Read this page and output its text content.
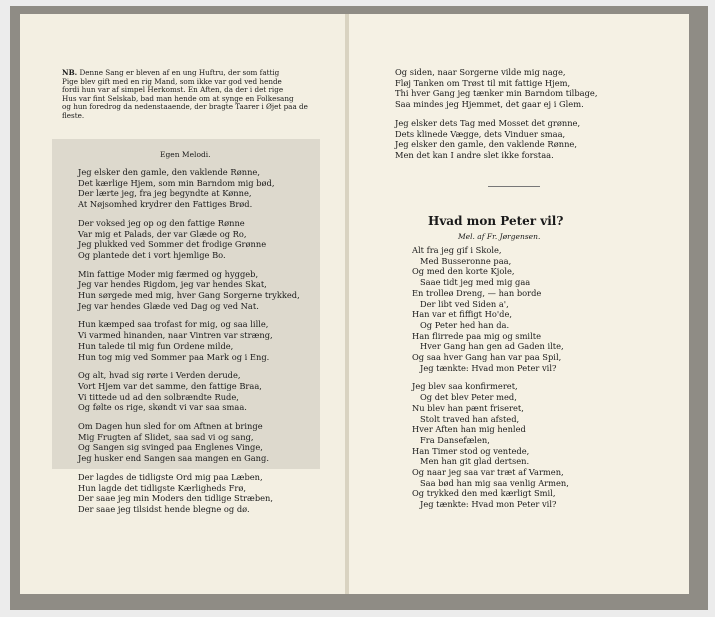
NB. Denne Sang er bleven af en ung Huftru, der som fattig

Pige blev gift med en rig Mand, som ikke var god ved hende

fordi hun var af simpel Herkomst. En Aften, da der i det rige

Hus var fint Selskab, bad man hende om at synge en Folkesang

og hun foredrog da nedenstaaende, der bragte Taarer i Øjet paa de

fleste.

Egen Melodi.
Jeg elsker den gamle, den vaklende Rønne,
Det kærlige Hjem, som min Barndom mig bød,
Der lærte jeg, fra jeg begyndte at Kønne,
At Nøjsomhed krydrer den Fattiges Brød.
Der voksed jeg op og den fattige Rønne
Var mig et Palads, der var Glæde og Ro,
Jeg plukked ved Sommer det frodige Grønne
Og plantede det i vort hjemlige Bo.
Min fattige Moder mig færmed og hyggeb,
Jeg var hendes Rigdom, jeg var hendes Skat,
Hun sørgede med mig, hver Gang Sorgerne trykked,
Jeg var hendes Glæde ved Dag og ved Nat.
Hun kæmped saa trofast for mig, og saa lille,
Vi varmed hinanden, naar Vintren var stræng,
Hun talede til mig fun Ordene milde,
Hun tog mig ved Sommer paa Mark og i Eng.
Og alt, hvad sig rørte i Verden derude,
Vort Hjem var det samme, den fattige Braa,
Vi tittede ud ad den solbrændte Rude,
Og følte os rige, skøndt vi var saa smaa.
Om Dagen hun sled for om Aftnen at bringe
Mig Frugten af Slidet, saa sad vi og sang,
Og Sangen sig svinged paa Englenes Vinge,
Jeg husker end Sangen saa mangen en Gang.
Der lagdes de tidligste Ord mig paa Læben,
Hun lagde det tidligste Kærligheds Frø,
Der saae jeg min Moders den tidlige Stræben,
Der saae jeg tilsidst hende blegne og dø.
Og siden, naar Sorgerne vilde mig nage,
Fløj Tanken om Trøst til mit fattige Hjem,
Thi hver Gang jeg tænker min Barndom tilbage,
Saa mindes jeg Hjemmet, det gaar ej i Glem.
Jeg elsker dets Tag med Mosset det grønne,
Dets klinede Vægge, dets Vinduer smaa,
Jeg elsker den gamle, den vaklende Rønne,
Men det kan I andre slet ikke forstaa.
Hvad mon Peter vil?
Mel. af Fr. Jørgensen.
Alt fra jeg gif i Skole,
Med Busseronne paa,
Og med den korte Kjole,
Saae tidt jeg med mig gaa
En trolleø Dreng, — han borde
Der libt ved Siden a',
Han var et fiffigt Ho'de,
Og Peter hed han da.
Han flirrede paa mig og smilte
Hver Gang han gen ad Gaden ilte,
Og saa hver Gang han var paa Spil,
Jeg tænkte: Hvad mon Peter vil?
Jeg blev saa konfirmeret,
Og det blev Peter med,
Nu blev han pænt friseret,
Stolt traved han afsted,
Hver Aften han mig henled
Fra Dansefælen,
Han Timer stod og ventede,
Men han git glad dertsen.
Og naar jeg saa var træt af Varmen,
Saa bød han mig saa venlig Armen,
Og trykked den med kærligt Smil,
Jeg tænkte: Hvad mon Peter vil?
